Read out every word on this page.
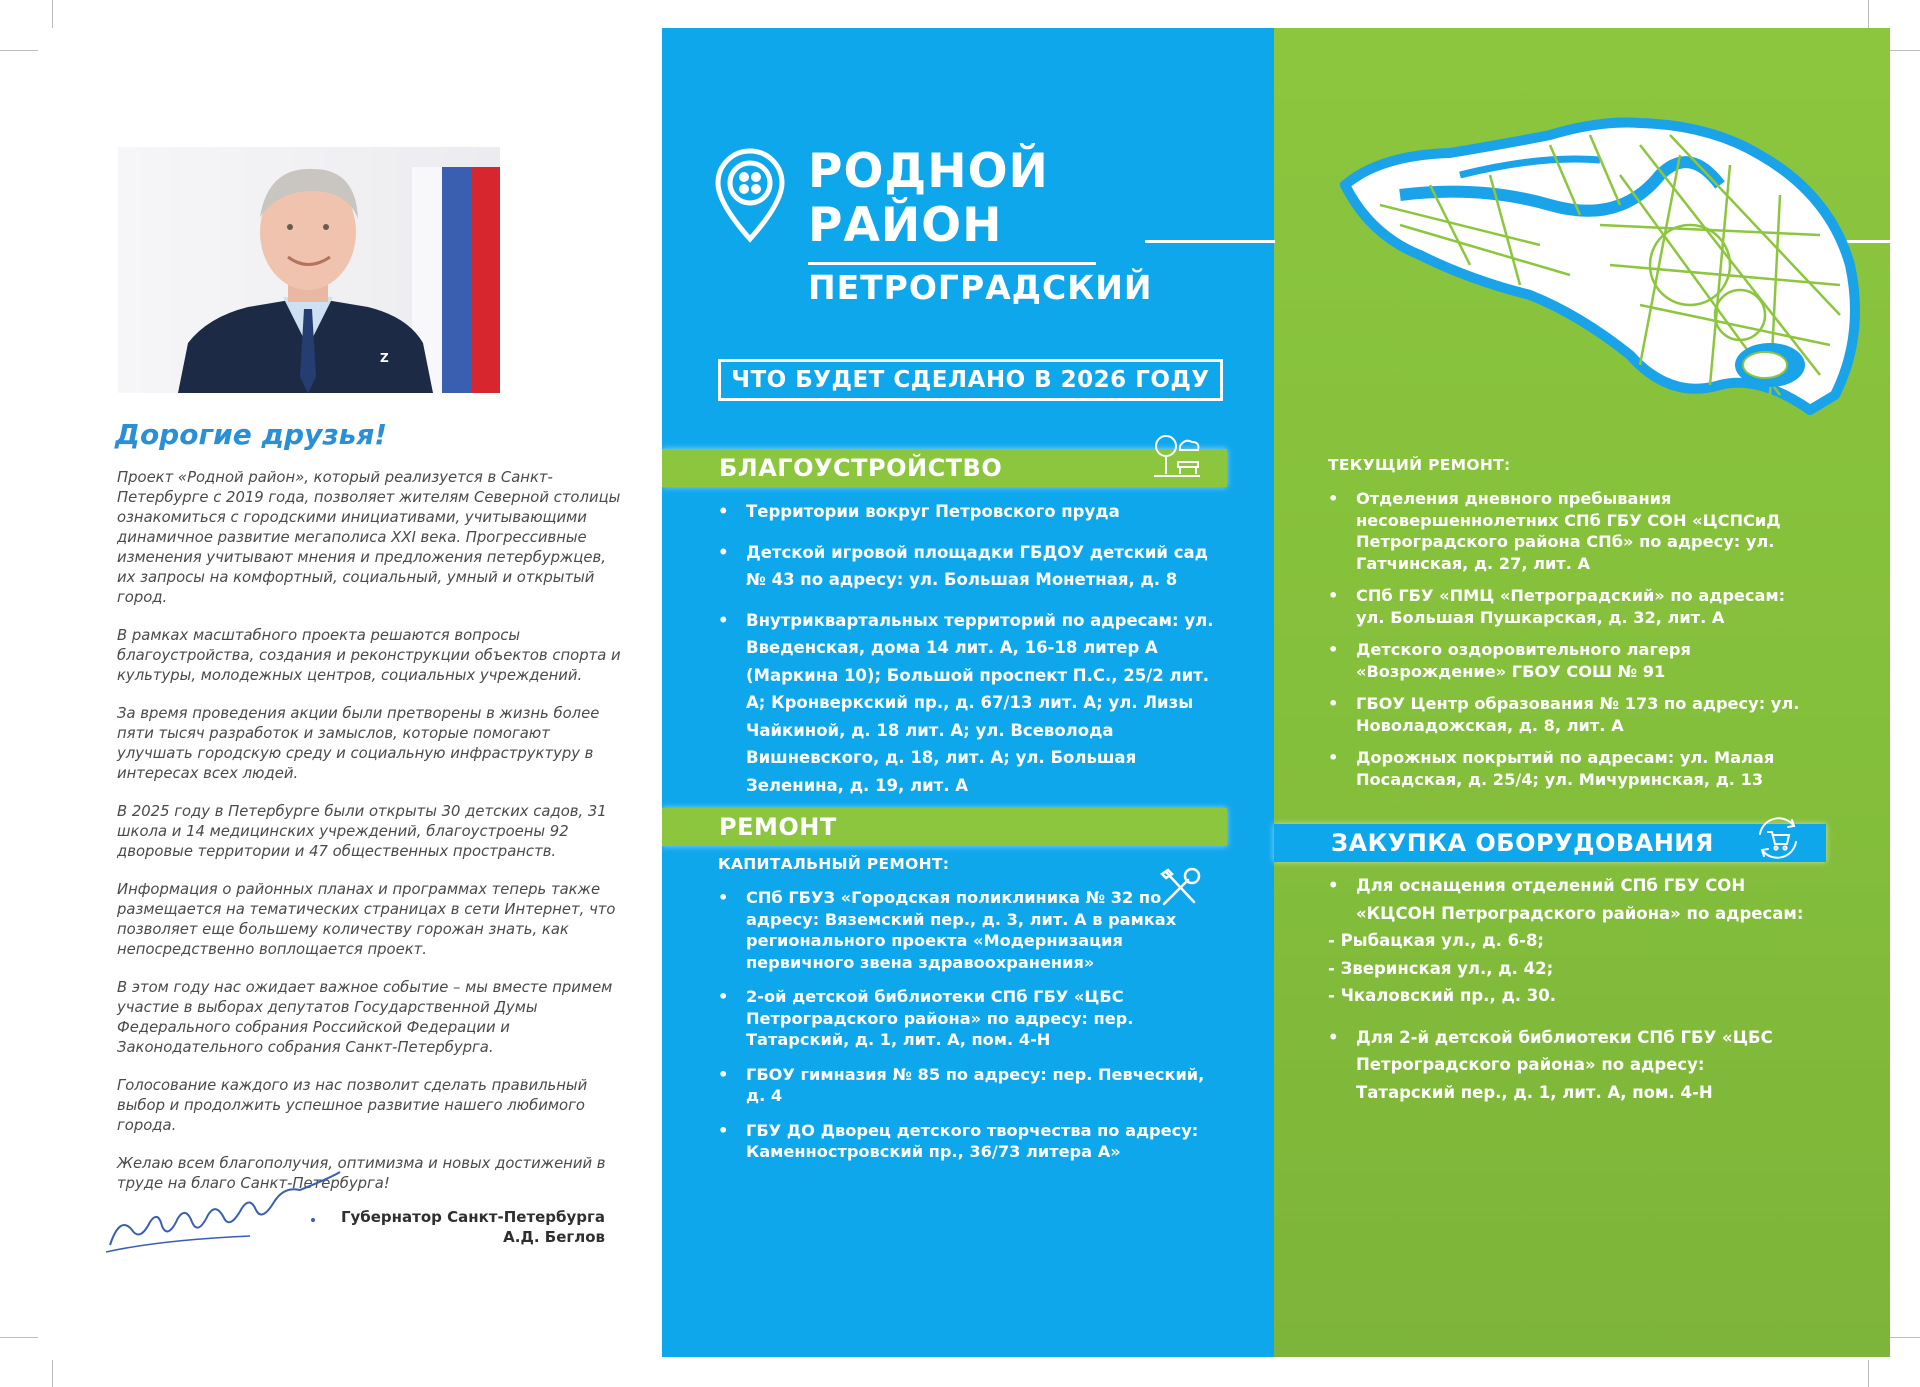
Z
Дорогие друзья!

Проект «Родной район», который реализуется в Санкт-Петербурге с 2019 года, позволяет жителям Северной столицы ознакомиться с городскими инициативами, учитывающими динамичное развитие мегаполиса XXI века. Прогрессивные изменения учитывают мнения и предложения петербуржцев, их запросы на комфортный, социальный, умный и открытый город.

В рамках масштабного проекта решаются вопросы благоустройства, создания и реконструкции объектов спорта и культуры, молодежных центров, социальных учреждений.

За время проведения акции были претворены в жизнь более пяти тысяч разработок и замыслов, которые помогают улучшать городскую среду и социальную инфраструктуру в интересах всех людей.

В 2025 году в Петербурге были открыты 30 детских садов, 31 школа и 14 медицинских учреждений, благоустроены 92 дворовые территории и 47 общественных пространств.

Информация о районных планах и программах теперь также размещается на тематических страницах в сети Интернет, что позволяет еще большему количеству горожан знать, как непосредственно воплощается проект.

В этом году нас ожидает важное событие – мы вместе примем участие в выборах депутатов Государственной Думы Федерального собрания Российской Федерации и Законодательного собрания Санкт-Петербурга.

Голосование каждого из нас позволит сделать правильный выбор и продолжить успешное развитие нашего любимого города.

Желаю всем благополучия, оптимизма и новых достижений в труде на благо Санкт-Петербурга!

Губернатор Санкт-Петербурга
А.Д. Беглов
РОДНОЙ
РАЙОН
ПЕТРОГРАДСКИЙ
ЧТО БУДЕТ СДЕЛАНО В 2026 ГОДУ
БЛАГОУСТРОЙСТВО
• Территории вокруг Петровского пруда
• Детской игровой площадки ГБДОУ детский сад № 43 по адресу: ул. Большая Монетная, д. 8
• Внутриквартальных территорий по адресам: ул. Введенская, дома 14 лит. А, 16-18 литер А (Маркина 10); Большой проспект П.С., 25/2 лит. А; Кронверкский пр., д. 67/13 лит. А; ул. Лизы Чайкиной, д. 18 лит. А; ул. Всеволода Вишневского, д. 18, лит. А; ул. Большая Зеленина, д. 19, лит. А
РЕМОНТ
КАПИТАЛЬНЫЙ РЕМОНТ:
• СПб ГБУЗ «Городская поликлиника № 32 по адресу: Вяземский пер., д. 3, лит. А в рамках регионального проекта «Модернизация первичного звена здравоохранения»
• 2-ой детской библиотеки СПб ГБУ «ЦБС Петроградского района» по адресу: пер. Татарский, д. 1, лит. А, пом. 4-Н
• ГБОУ гимназия № 85 по адресу: пер. Певческий, д. 4
• ГБУ ДО Дворец детского творчества по адресу: Каменностровский пр., 36/73 литера А»
ТЕКУЩИЙ РЕМОНТ:
• Отделения дневного пребывания несовершеннолетних СПб ГБУ СОН «ЦСПСиД Петроградского района СПб» по адресу: ул. Гатчинская, д. 27, лит. А
• СПб ГБУ «ПМЦ «Петроградский» по адресам: ул. Большая Пушкарская, д. 32, лит. А
• Детского оздоровительного лагеря «Возрождение» ГБОУ СОШ № 91
• ГБОУ Центр образования № 173 по адресу: ул. Новоладожская, д. 8, лит. А
• Дорожных покрытий по адресам: ул. Малая Посадская, д. 25/4; ул. Мичуринская, д. 13
ЗАКУПКА ОБОРУДОВАНИЯ
• Для оснащения отделений СПб ГБУ СОН «КЦСОН Петроградского района» по адресам:
- Рыбацкая ул., д. 6-8;
- Зверинская ул., д. 42;
- Чкаловский пр., д. 30.
• Для 2-й детской библиотеки СПб ГБУ «ЦБС Петроградского района» по адресу: Татарский пер., д. 1, лит. А, пом. 4-Н
